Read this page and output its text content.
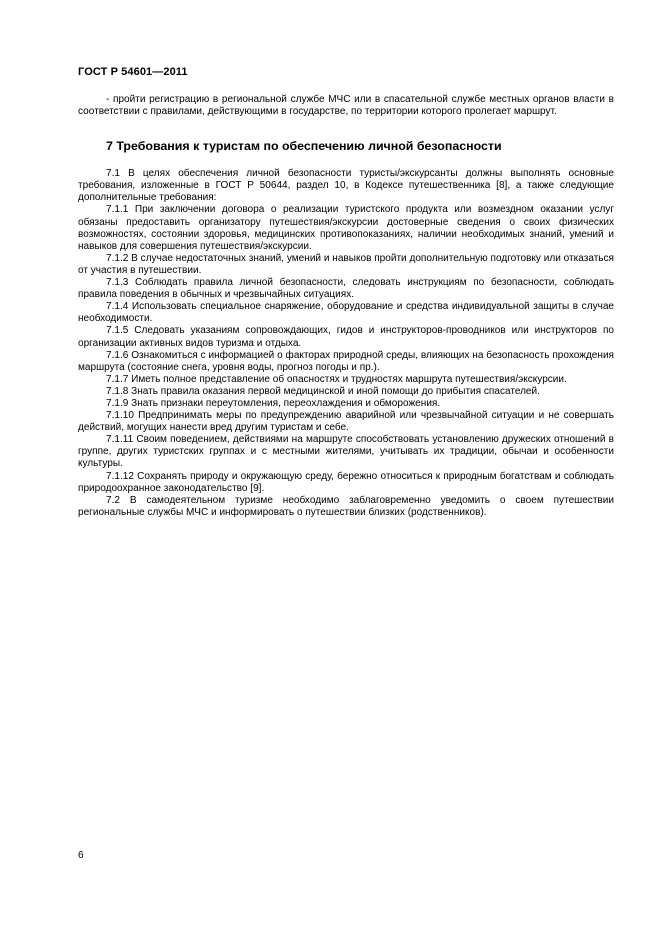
ГОСТ Р 54601—2011

- пройти регистрацию в региональной службе МЧС или в спасательной службе местных органов власти в соответствии с правилами, действующими в государстве, по территории которого пролегает маршрут.

7 Требования к туристам по обеспечению личной безопасности

7.1 В целях обеспечения личной безопасности туристы/экскурсанты должны выполнять основные требования, изложенные в ГОСТ Р 50644, раздел 10, в Кодексе путешественника [8], а также следующие дополнительные требования:

7.1.1 При заключении договора о реализации туристского продукта или возмездном оказании услуг обязаны предоставить организатору путешествия/экскурсии достоверные сведения о своих физических возможностях, состоянии здоровья, медицинских противопоказаниях, наличии необходимых знаний, умений и навыков для совершения путешествия/экскурсии.

7.1.2 В случае недостаточных знаний, умений и навыков пройти дополнительную подготовку или отказаться от участия в путешествии.

7.1.3 Соблюдать правила личной безопасности, следовать инструкциям по безопасности, соблюдать правила поведения в обычных и чрезвычайных ситуациях.

7.1.4 Использовать специальное снаряжение, оборудование и средства индивидуальной защиты в случае необходимости.

7.1.5 Следовать указаниям сопровождающих, гидов и инструкторов-проводников или инструкторов по организации активных видов туризма и отдыха.

7.1.6 Ознакомиться с информацией о факторах природной среды, влияющих на безопасность прохождения маршрута (состояние снега, уровня воды, прогноз погоды и пр.).

7.1.7 Иметь полное представление об опасностях и трудностях маршрута путешествия/экскурсии.

7.1.8 Знать правила оказания первой медицинской и иной помощи до прибытия спасателей.

7.1.9 Знать признаки переутомления, переохлаждения и обморожения.

7.1.10 Предпринимать меры по предупреждению аварийной или чрезвычайной ситуации и не совершать действий, могущих нанести вред другим туристам и себе.

7.1.11 Своим поведением, действиями на маршруте способствовать установлению дружеских отношений в группе, других туристских группах и с местными жителями, учитывать их традиции, обычаи и особенности культуры.

7.1.12 Сохранять природу и окружающую среду, бережно относиться к природным богатствам и соблюдать природоохранное законодательство [9].

7.2 В самодеятельном туризме необходимо заблаговременно уведомить о своем путешествии региональные службы МЧС и информировать о путешествии близких (родственников).

6
